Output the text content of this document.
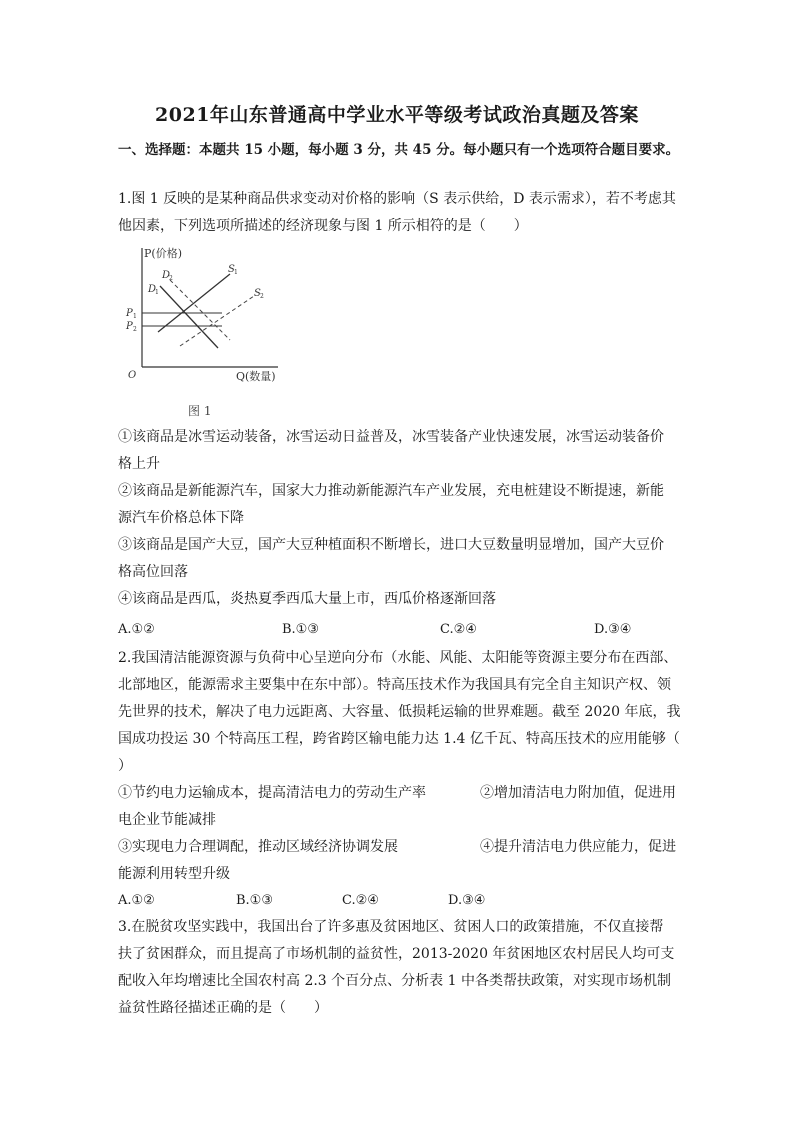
2021年山东普通高中学业水平等级考试政治真题及答案
一、选择题：本题共 15 小题，每小题 3 分，共 45 分。每小题只有一个选项符合题目要求。

1.图 1 反映的是某种商品供求变动对价格的影响（S 表示供给，D 表示需求），若不考虑其

他因素，下列选项所描述的经济现象与图 1 所示相符的是（　　）

P(价格)
Q(数量)
O
P 1
P 2
D
1
D
2
S 1
S 2
图 1

①该商品是冰雪运动装备，冰雪运动日益普及，冰雪装备产业快速发展，冰雪运动装备价

格上升

②该商品是新能源汽车，国家大力推动新能源汽车产业发展，充电桩建设不断提速，新能

源汽车价格总体下降

③该商品是国产大豆，国产大豆种植面积不断增长，进口大豆数量明显增加，国产大豆价

格高位回落

④该商品是西瓜，炎热夏季西瓜大量上市，西瓜价格逐渐回落

A.①②	B.①③	C.②④	D.③④

2.我国清洁能源资源与负荷中心呈逆向分布（水能、风能、太阳能等资源主要分布在西部、

北部地区，能源需求主要集中在东中部）。特高压技术作为我国具有完全自主知识产权、领

先世界的技术，解决了电力远距离、大容量、低损耗运输的世界难题。截至 2020 年底，我

国成功投运 30 个特高压工程，跨省跨区输电能力达 1.4 亿千瓦、特高压技术的应用能够（

）

①节约电力运输成本，提高清洁电力的劳动生产率	②增加清洁电力附加值，促进用
电企业节能减排
③实现电力合理调配，推动区域经济协调发展	④提升清洁电力供应能力，促进
能源利用转型升级
A.①②	B.①③	C.②④	D.③④

3.在脱贫攻坚实践中，我国出台了许多惠及贫困地区、贫困人口的政策措施，不仅直接帮

扶了贫困群众，而且提高了市场机制的益贫性，2013-2020 年贫困地区农村居民人均可支

配收入年均增速比全国农村高 2.3 个百分点、分析表 1 中各类帮扶政策，对实现市场机制

益贫性路径描述正确的是（　　）
